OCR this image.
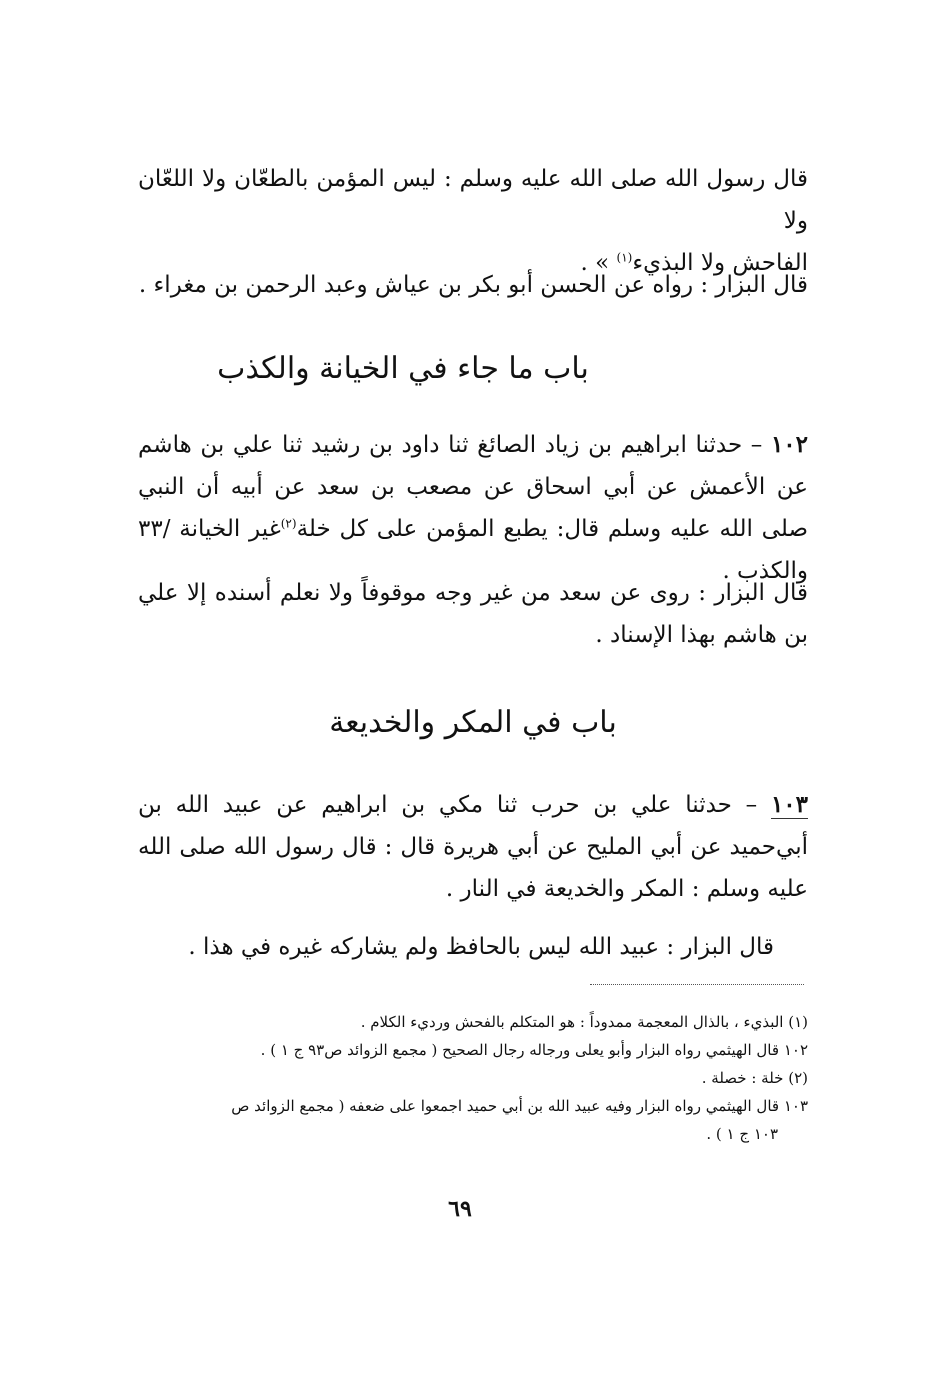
قال رسول الله صلى الله عليه وسلم : ليس المؤمن بالطعّان ولا اللعّان ولا
الفاحش ولا البذيء$^{(١)}$ » .
قال البزار : رواه عن الحسن أبو بكر بن عياش وعبد الرحمن بن مغراء .
باب ما جاء في الخيانة والكذب
١٠٢ – حدثنا ابراهيم بن زياد الصائغ ثنا داود بن رشيد ثنا علي بن هاشم عن الأعمش عن أبي اسحاق عن مصعب بن سعد عن أبيه أن النبي صلى الله عليه وسلم قال: يطبع المؤمن على كل خلة$^{(٢)}$غير الخيانة /٣٣ والكذب .
قال البزار : روى عن سعد من غير وجه موقوفاً ولا نعلم أسنده إلا علي بن هاشم بهذا الإسناد .
باب في المكر والخديعة
١٠٣ – حدثنا علي بن حرب ثنا مكي بن ابراهيم عن عبيد الله بن أبي‌حميد عن أبي المليح عن أبي هريرة قال : قال رسول الله صلى الله عليه وسلم : المكر والخديعة في النار .
قال البزار : عبيد الله ليس بالحافظ ولم يشاركه غيره في هذا .
(١) البذيء ، بالذال المعجمة ممدوداً : هو المتكلم بالفحش ورديء الكلام .
١٠٢ قال الهيثمي رواه البزار وأبو يعلى ورجاله رجال الصحيح ( مجمع الزوائد ص٩٣ ج ١ ) .
(٢) خلة : خصلة .
١٠٣ قال الهيثمي رواه البزار وفيه عبيد الله بن أبي حميد اجمعوا على ضعفه ( مجمع الزوائد ص
١٠٣ ج ١ ) .
٦٩
